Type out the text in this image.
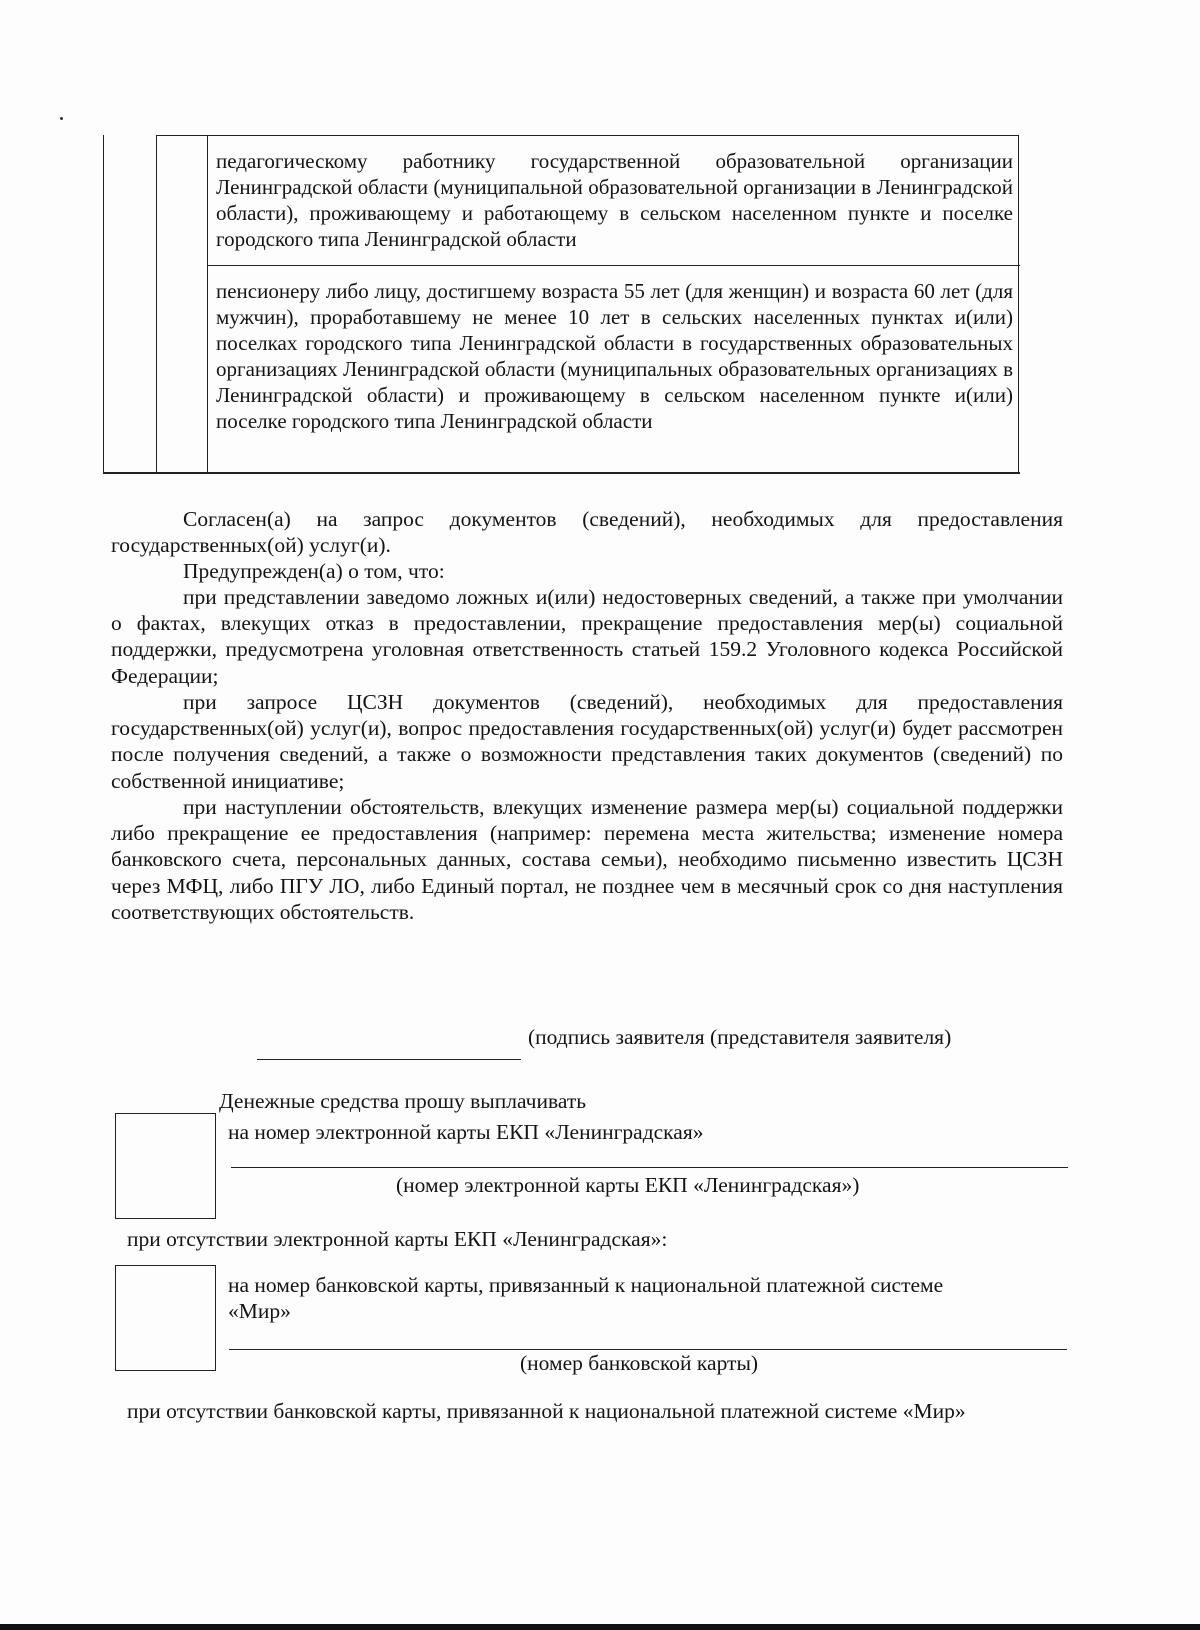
педагогическому работнику государственной образовательной организации Ленинградской области (муниципальной образовательной организации в Ленинградской области), проживающему и работающему в сельском населенном пункте и поселке городского типа Ленинградской области
пенсионеру либо лицу, достигшему возраста 55 лет (для женщин) и возраста 60 лет (для мужчин), проработавшему не менее 10 лет в сельских населенных пунктах и(или) поселках городского типа Ленинградской области в государственных образовательных организациях Ленинградской области (муниципальных образовательных организациях в Ленинградской области) и проживающему в сельском населенном пункте и(или) поселке городского типа Ленинградской области

Согласен(а) на запрос документов (сведений), необходимых для предоставления государственных(ой) услуг(и).

Предупрежден(а) о том, что:

при представлении заведомо ложных и(или) недостоверных сведений, а также при умолчании о фактах, влекущих отказ в предоставлении, прекращение предоставления мер(ы) социальной поддержки, предусмотрена уголовная ответственность статьей 159.2 Уголовного кодекса Российской Федерации;

при запросе ЦСЗН документов (сведений), необходимых для предоставления государственных(ой) услуг(и), вопрос предоставления государственных(ой) услуг(и) будет рассмотрен после получения сведений, а также о возможности представления таких документов (сведений) по собственной инициативе;

при наступлении обстоятельств, влекущих изменение размера мер(ы) социальной поддержки либо прекращение ее предоставления (например: перемена места жительства; изменение номера банковского счета, персональных данных, состава семьи), необходимо письменно известить ЦСЗН через МФЦ, либо ПГУ ЛО, либо Единый портал, не позднее чем в месячный срок со дня наступления соответствующих обстоятельств.

(подпись заявителя (представителя заявителя)
Денежные средства прошу выплачивать
на номер электронной карты ЕКП «Ленинградская»
(номер электронной карты ЕКП «Ленинградская»)
при отсутствии электронной карты ЕКП «Ленинградская»:
на номер банковской карты, привязанный к национальной платежной системе
«Мир»
(номер банковской карты)
при отсутствии банковской карты, привязанной к национальной платежной системе «Мир»
